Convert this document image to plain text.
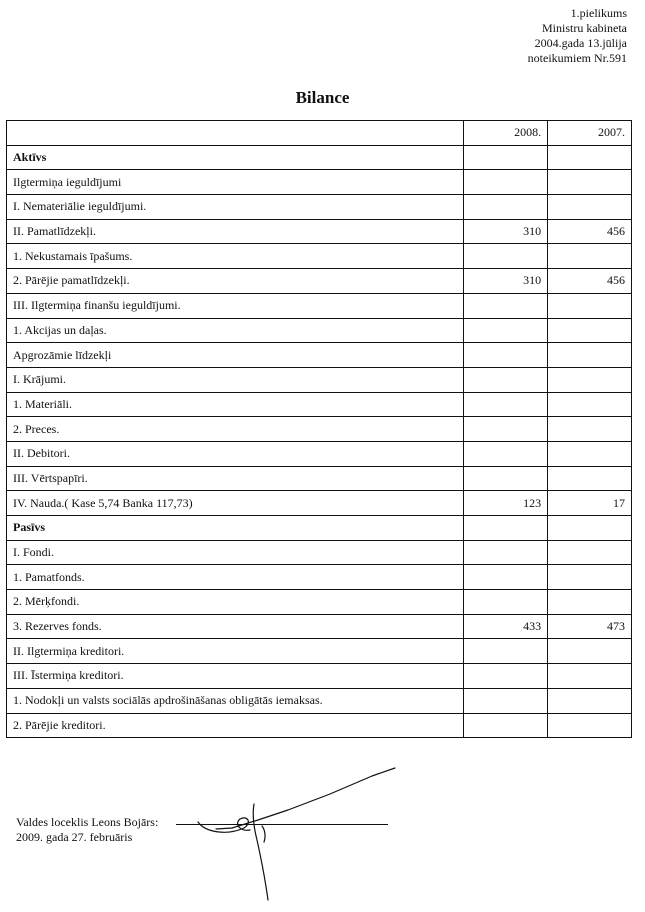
1.pielikums
Ministru kabineta
2004.gada 13.jūlija
noteikumiem Nr.591
Bilance
	2008.	2007.
Aktīvs		
Ilgtermiņa ieguldījumi		
I. Nemateriālie ieguldījumi.		
II. Pamatlīdzekļi.	310	456
1. Nekustamais īpašums.		
2. Pārējie pamatlīdzekļi.	310	456
III. Ilgtermiņa finanšu ieguldījumi.		
1. Akcijas un daļas.		
Apgrozāmie līdzekļi		
I. Krājumi.		
1. Materiāli.		
2. Preces.		
II. Debitori.		
III. Vērtspapīri.		
IV. Nauda.( Kase 5,74 Banka 117,73)	123	17
Pasīvs		
I. Fondi.		
1. Pamatfonds.		
2. Mērķfondi.		
3. Rezerves fonds.	433	473
II. Ilgtermiņa kreditori.		
III. Īstermiņa kreditori.		
1. Nodokļi un valsts sociālās apdrošināšanas obligātās iemaksas.		
2. Pārējie kreditori.		
Valdes loceklis Leons Bojārs:
2009. gada 27. februāris
